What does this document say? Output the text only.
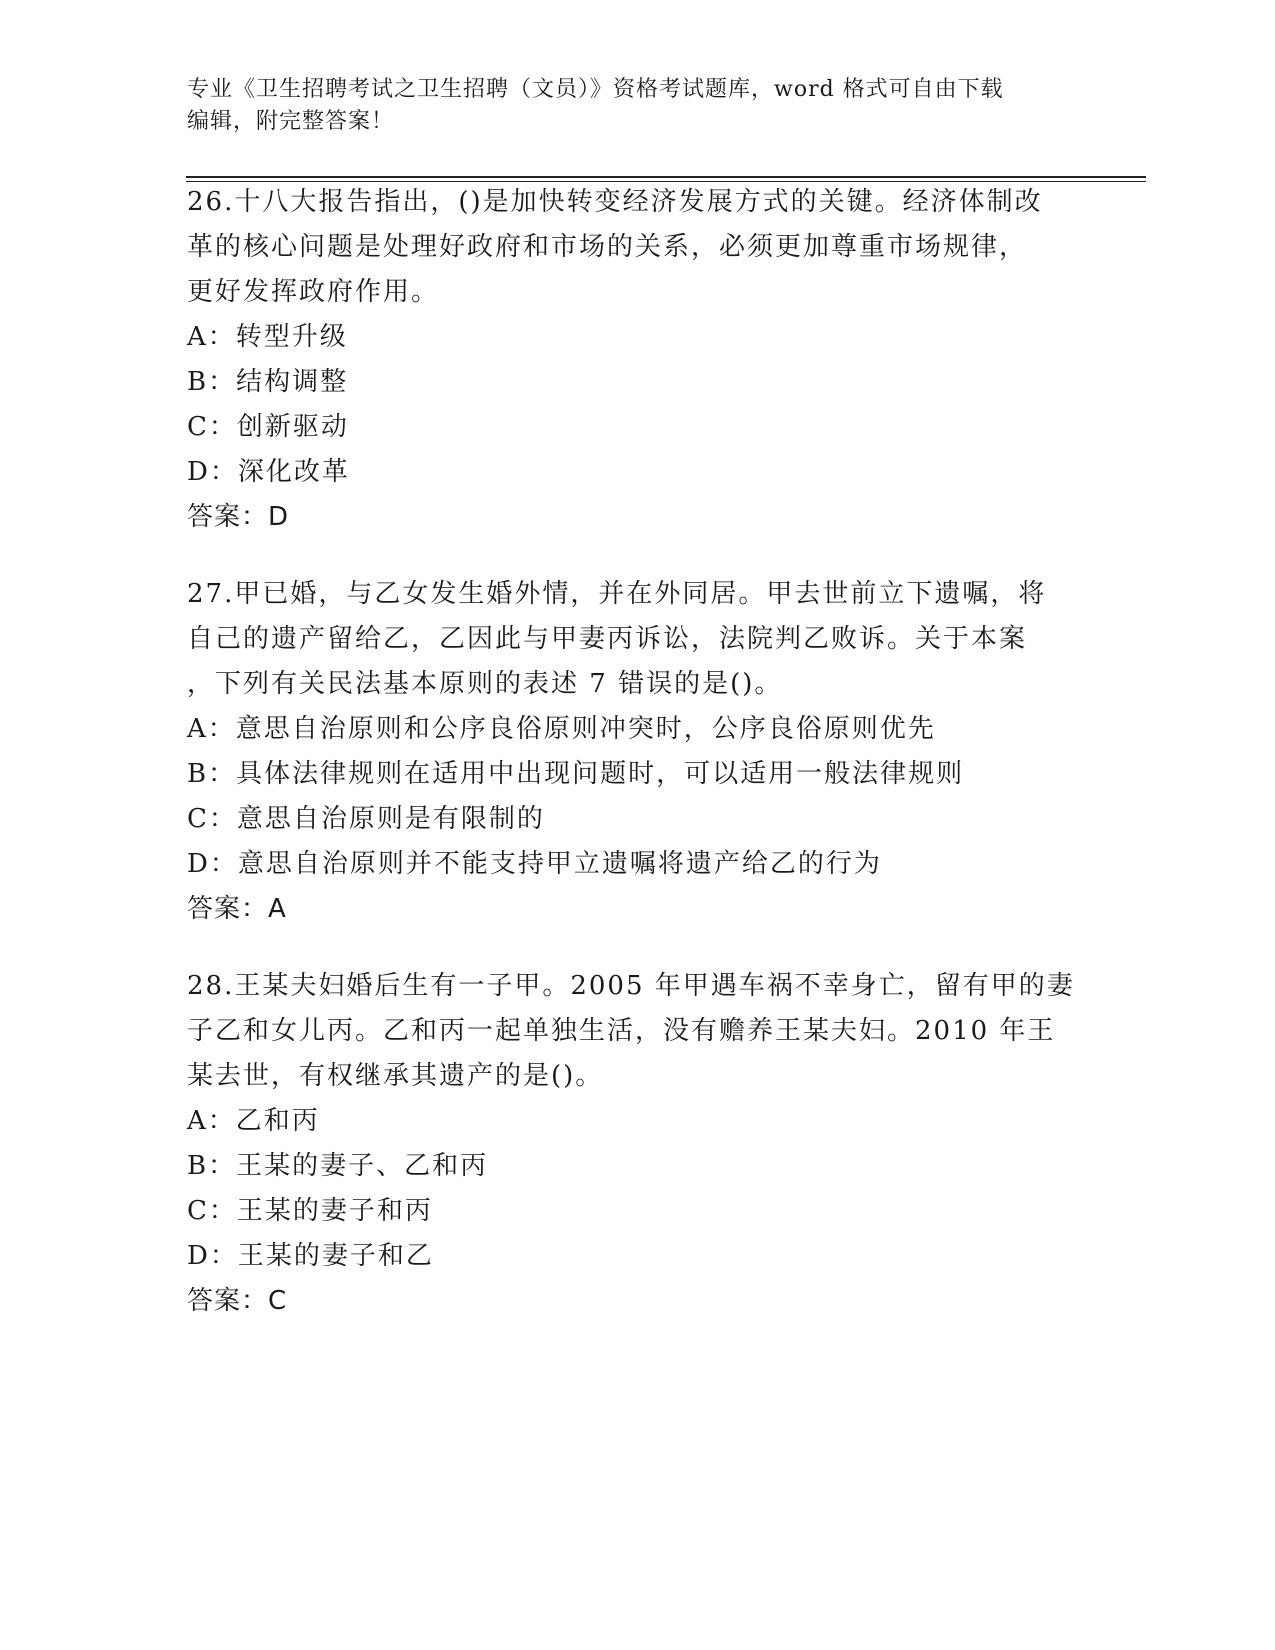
专业《卫生招聘考试之卫生招聘（文员）》资格考试题库，word 格式可自由下载
编辑，附完整答案！

26.十八大报告指出，()是加快转变经济发展方式的关键。经济体制改

革的核心问题是处理好政府和市场的关系，必须更加尊重市场规律，

更好发挥政府作用。

A： 转型升级

B： 结构调整

C： 创新驱动

D： 深化改革

答案：D

27.甲已婚，与乙女发生婚外情，并在外同居。甲去世前立下遗嘱，将

自己的遗产留给乙，乙因此与甲妻丙诉讼，法院判乙败诉。关于本案

，下列有关民法基本原则的表述 7 错误的是()。

A： 意思自治原则和公序良俗原则冲突时，公序良俗原则优先

B： 具体法律规则在适用中出现问题时，可以适用一般法律规则

C： 意思自治原则是有限制的

D： 意思自治原则并不能支持甲立遗嘱将遗产给乙的行为

答案：A

28.王某夫妇婚后生有一子甲。2005 年甲遇车祸不幸身亡，留有甲的妻

子乙和女儿丙。乙和丙一起单独生活，没有赡养王某夫妇。2010 年王

某去世，有权继承其遗产的是()。

A： 乙和丙

B： 王某的妻子、乙和丙

C： 王某的妻子和丙

D： 王某的妻子和乙

答案：C
